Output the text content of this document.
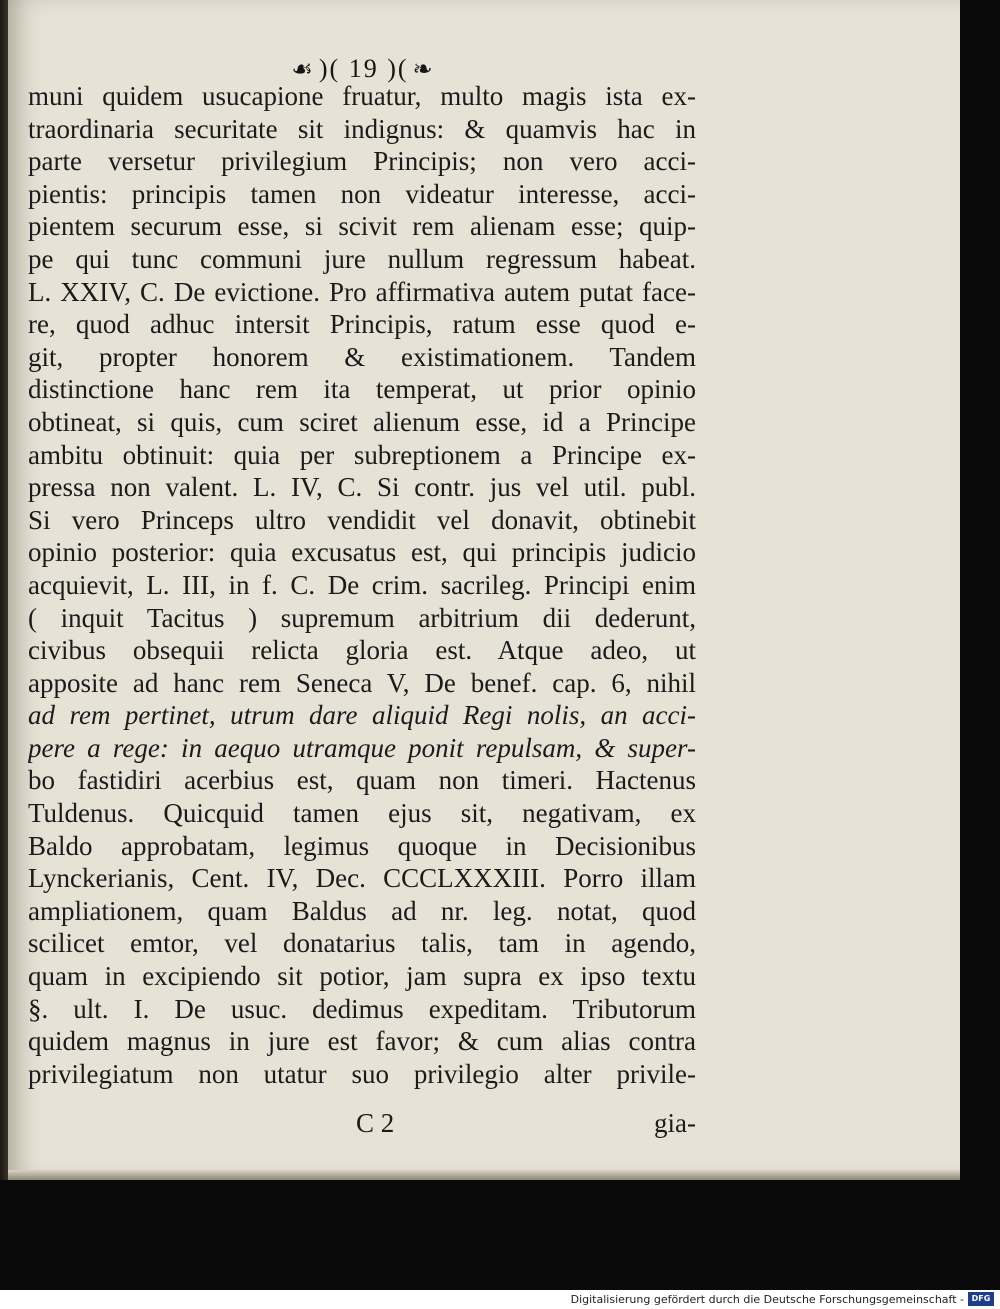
☙ )( 19 )( ❧
muni quidem usucapione fruatur, multo magis ista ex-
traordinaria securitate sit indignus: & quamvis hac in
parte versetur privilegium Principis; non vero acci-
pientis: principis tamen non videatur interesse, acci-
pientem securum esse, si scivit rem alienam esse; quip-
pe qui tunc communi jure nullum regressum habeat.
L. XXIV, C. De evictione. Pro affirmativa autem putat face-
re, quod adhuc intersit Principis, ratum esse quod e-
git, propter honorem & existimationem. Tandem
distinctione hanc rem ita temperat, ut prior opinio
obtineat, si quis, cum sciret alienum esse, id a Principe
ambitu obtinuit: quia per subreptionem a Principe ex-
pressa non valent. L. IV, C. Si contr. jus vel util. publ.
Si vero Princeps ultro vendidit vel donavit, obtinebit
opinio posterior: quia excusatus est, qui principis judicio
acquievit, L. III, in f. C. De crim. sacrileg. Principi enim
( inquit Tacitus ) supremum arbitrium dii dederunt,
civibus obsequii relicta gloria est. Atque adeo, ut
apposite ad hanc rem Seneca V, De benef. cap. 6, nihil
ad rem pertinet, utrum dare aliquid Regi nolis, an acci-
pere a rege: in aequo utramque ponit repulsam, & super-
bo fastidiri acerbius est, quam non timeri. Hactenus
Tuldenus. Quicquid tamen ejus sit, negativam, ex
Baldo approbatam, legimus quoque in Decisionibus
Lynckerianis, Cent. IV, Dec. CCCLXXXIII. Porro illam
ampliationem, quam Baldus ad nr. leg. notat, quod
scilicet emtor, vel donatarius talis, tam in agendo,
quam in excipiendo sit potior, jam supra ex ipso textu
§. ult. I. De usuc. dedimus expeditam. Tributorum
quidem magnus in jure est favor; & cum alias contra
privilegiatum non utatur suo privilegio alter privile-
C 2	gia-
Digitalisierung gefördert durch die Deutsche Forschungsgemeinschaft - DFG
